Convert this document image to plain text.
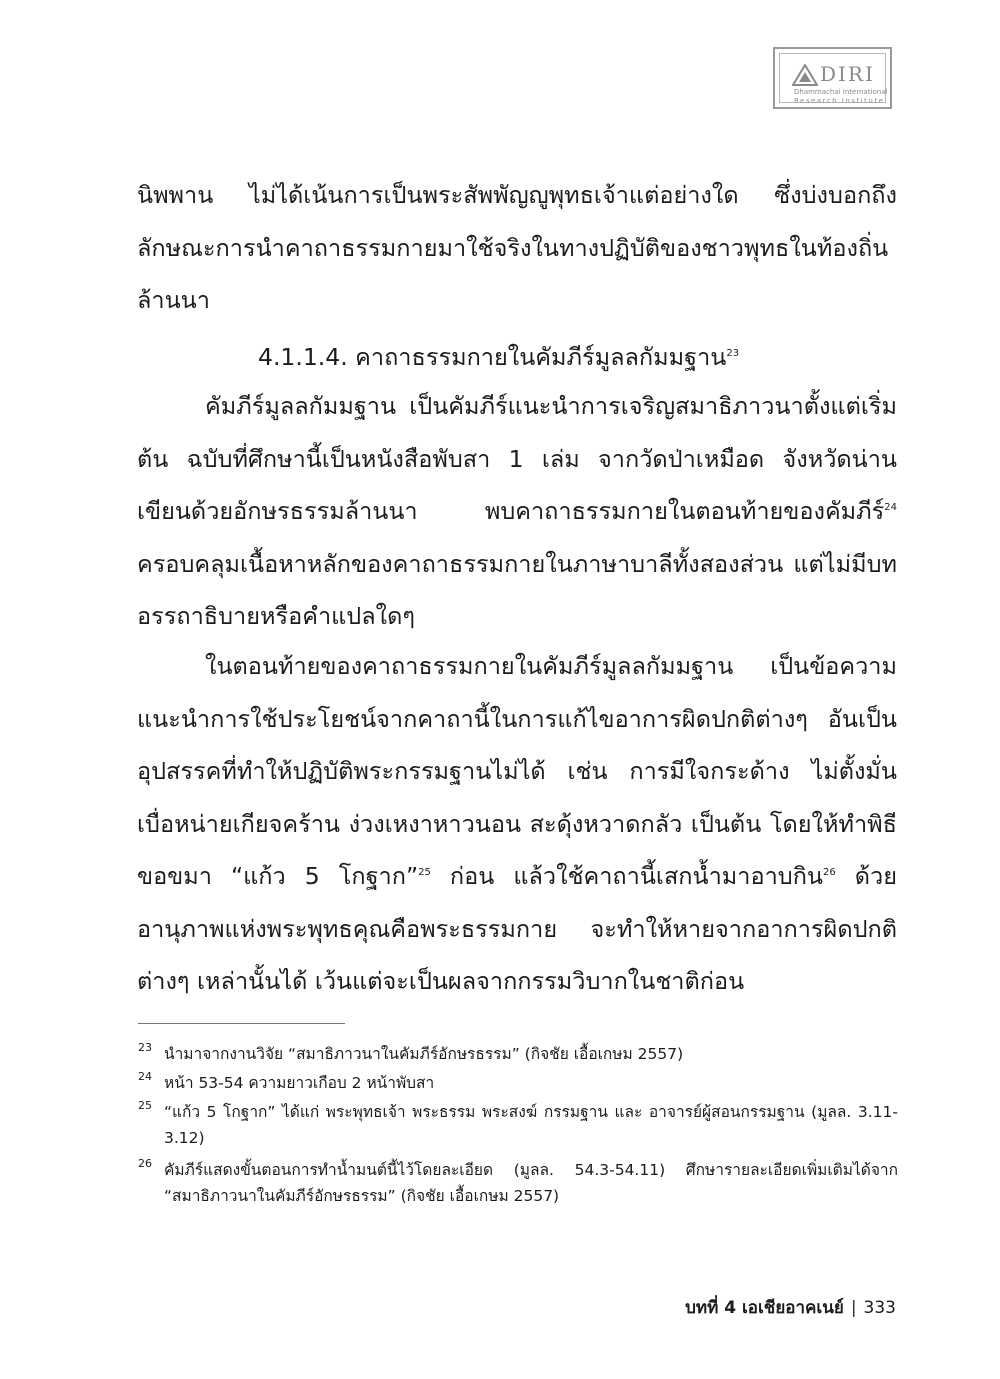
DIRI
Dhammachai International
Research Institute

นิพพาน ไม่ได้เน้นการเป็นพระสัพพัญญูพุทธเจ้าแต่อย่างใด ซึ่งบ่งบอกถึงลักษณะการนำคาถาธรรมกายมาใช้จริงในทางปฏิบัติของชาวพุทธในท้องถิ่นล้านนา

4.1.1.4. คาถาธรรมกายในคัมภีร์มูลลกัมมฐาน$^{23}$

คัมภีร์มูลลกัมมฐาน เป็นคัมภีร์แนะนำการเจริญสมาธิภาวนาตั้งแต่เริ่มต้น ฉบับที่ศึกษานี้เป็นหนังสือพับสา 1 เล่ม จากวัดป่าเหมือด จังหวัดน่าน เขียนด้วยอักษรธรรมล้านนา พบคาถาธรรมกายในตอนท้ายของคัมภีร์$^{24}$ ครอบคลุมเนื้อหาหลักของคาถาธรรมกายในภาษาบาลีทั้งสองส่วน แต่ไม่มีบทอรรถาธิบายหรือคำแปลใดๆ

ในตอนท้ายของคาถาธรรมกายในคัมภีร์มูลลกัมมฐาน เป็นข้อความแนะนำการใช้ประโยชน์จากคาถานี้ในการแก้ไขอาการผิดปกติต่างๆ อันเป็นอุปสรรคที่ทำให้ปฏิบัติพระกรรมฐานไม่ได้ เช่น การมีใจกระด้าง ไม่ตั้งมั่น เบื่อหน่ายเกียจคร้าน ง่วงเหงาหาวนอน สะดุ้งหวาดกลัว เป็นต้น โดยให้ทำพิธีขอขมา “แก้ว 5 โกฐาก”$^{25}$ ก่อน แล้วใช้คาถานี้เสกน้ำมาอาบกิน$^{26}$ ด้วยอานุภาพแห่งพระพุทธคุณคือพระธรรมกาย จะทำให้หายจากอาการผิดปกติต่างๆ เหล่านั้นได้ เว้นแต่จะเป็นผลจากกรรมวิบากในชาติก่อน

23 นำมาจากงานวิจัย “สมาธิภาวนาในคัมภีร์อักษรธรรม” (กิจชัย เอื้อเกษม 2557)
24 หน้า 53-54 ความยาวเกือบ 2 หน้าพับสา
25 “แก้ว 5 โกฐาก” ได้แก่ พระพุทธเจ้า พระธรรม พระสงฆ์ กรรมฐาน และ อาจารย์ผู้สอนกรรมฐาน (มูลล. 3.11-3.12)
26 คัมภีร์แสดงขั้นตอนการทำน้ำมนต์นี้ไว้โดยละเอียด (มูลล. 54.3-54.11) ศึกษารายละเอียดเพิ่มเติมได้จาก “สมาธิภาวนาในคัมภีร์อักษรธรรม” (กิจชัย เอื้อเกษม 2557)
บทที่ 4 เอเชียอาคเนย์ | 333
